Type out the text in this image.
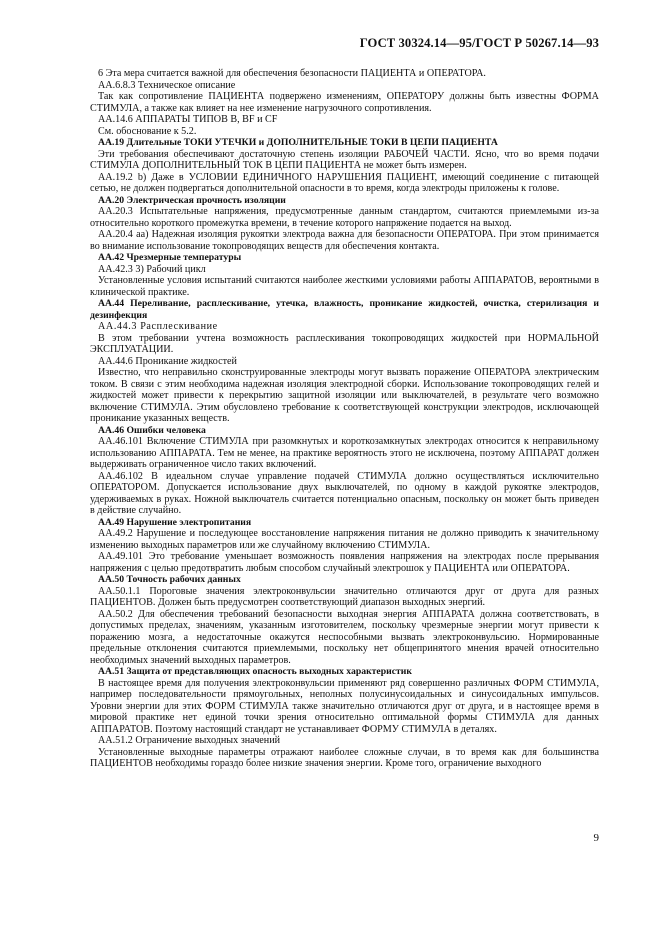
ГОСТ 30324.14—95/ГОСТ Р 50267.14—93

6 Эта мера считается важной для обеспечения безопасности ПАЦИЕНТА и ОПЕРАТОРА.

АА.6.8.3 Техническое описание

Так как сопротивление ПАЦИЕНТА подвержено изменениям, ОПЕРАТОРУ должны быть известны ФОРМА СТИМУЛА, а также как влияет на нее изменение нагрузочного сопротивления.

АА.14.6 АППАРАТЫ ТИПОВ В, BF и CF

См. обоснование к 5.2.

АА.19 Длительные ТОКИ УТЕЧКИ и ДОПОЛНИТЕЛЬНЫЕ ТОКИ В ЦЕПИ ПАЦИЕНТА

Эти требования обеспечивают достаточную степень изоляции РАБОЧЕЙ ЧАСТИ. Ясно, что во время подачи СТИМУЛА ДОПОЛНИТЕЛЬНЫЙ ТОК В ЦЕПИ ПАЦИЕНТА не может быть измерен.

АА.19.2 b) Даже в УСЛОВИИ ЕДИНИЧНОГО НАРУШЕНИЯ ПАЦИЕНТ, имеющий соединение с питающей сетью, не должен подвергаться дополнительной опасности в то время, когда электроды приложены к голове.

АА.20 Электрическая прочность изоляции

АА.20.3 Испытательные напряжения, предусмотренные данным стандартом, считаются приемлемыми из-за относительно короткого промежутка времени, в течение которого напряжение подается на выход.

АА.20.4 аа) Надежная изоляция рукоятки электрода важна для безопасности ОПЕРАТОРА. При этом принимается во внимание использование токопроводящих веществ для обеспечения контакта.

АА.42 Чрезмерные температуры

АА.42.3 3) Рабочий цикл

Установленные условия испытаний считаются наиболее жесткими условиями работы АППАРАТОВ, вероятными в клинической практике.

АА.44 Переливание, расплескивание, утечка, влажность, проникание жидкостей, очистка, стерилизация и дезинфекция

АА.44.3 Расплескивание

В этом требовании учтена возможность расплескивания токопроводящих жидкостей при НОРМАЛЬНОЙ ЭКСПЛУАТАЦИИ.

АА.44.6 Проникание жидкостей

Известно, что неправильно сконструированные электроды могут вызвать поражение ОПЕРАТОРА электрическим током. В связи с этим необходима надежная изоляция электродной сборки. Использование токопроводящих гелей и жидкостей может привести к перекрытию защитной изоляции или выключателей, в результате чего возможно включение СТИМУЛА. Этим обусловлено требование к соответствующей конструкции электродов, исключающей проникание указанных веществ.

АА.46 Ошибки человека

АА.46.101 Включение СТИМУЛА при разомкнутых и короткозамкнутых электродах относится к неправильному использованию АППАРАТА. Тем не менее, на практике вероятность этого не исключена, поэтому АППАРАТ должен выдерживать ограниченное число таких включений.

АА.46.102 В идеальном случае управление подачей СТИМУЛА должно осуществляться исключительно ОПЕРАТОРОМ. Допускается использование двух выключателей, по одному в каждой рукоятке электродов, удерживаемых в руках. Ножной выключатель считается потенциально опасным, поскольку он может быть приведен в действие случайно.

АА.49 Нарушение электропитания

АА.49.2 Нарушение и последующее восстановление напряжения питания не должно приводить к значительному изменению выходных параметров или же случайному включению СТИМУЛА.

АА.49.101 Это требование уменьшает возможность появления напряжения на электродах после прерывания напряжения с целью предотвратить любым способом случайный электрошок у ПАЦИЕНТА или ОПЕРАТОРА.

АА.50 Точность рабочих данных

АА.50.1.1 Пороговые значения электроконвульсии значительно отличаются друг от друга для разных ПАЦИЕНТОВ. Должен быть предусмотрен соответствующий диапазон выходных энергий.

АА.50.2 Для обеспечения требований безопасности выходная энергия АППАРАТА должна соответствовать, в допустимых пределах, значениям, указанным изготовителем, поскольку чрезмерные энергии могут привести к поражению мозга, а недостаточные окажутся неспособными вызвать электроконвульсию. Нормированные предельные отклонения считаются приемлемыми, поскольку нет общепринятого мнения врачей относительно необходимых значений выходных параметров.

АА.51 Защита от представляющих опасность выходных характеристик

В настоящее время для получения электроконвульсии применяют ряд совершенно различных ФОРМ СТИМУЛА, например последовательности прямоугольных, неполных полусинусоидальных и синусоидальных импульсов. Уровни энергии для этих ФОРМ СТИМУЛА также значительно отличаются друг от друга, и в настоящее время в мировой практике нет единой точки зрения относительно оптимальной формы СТИМУЛА для данных АППАРАТОВ. Поэтому настоящий стандарт не устанавливает ФОРМУ СТИМУЛА в деталях.

АА.51.2 Ограничение выходных значений

Установленные выходные параметры отражают наиболее сложные случаи, в то время как для большинства ПАЦИЕНТОВ необходимы гораздо более низкие значения энергии. Кроме того, ограничение выходного

9
